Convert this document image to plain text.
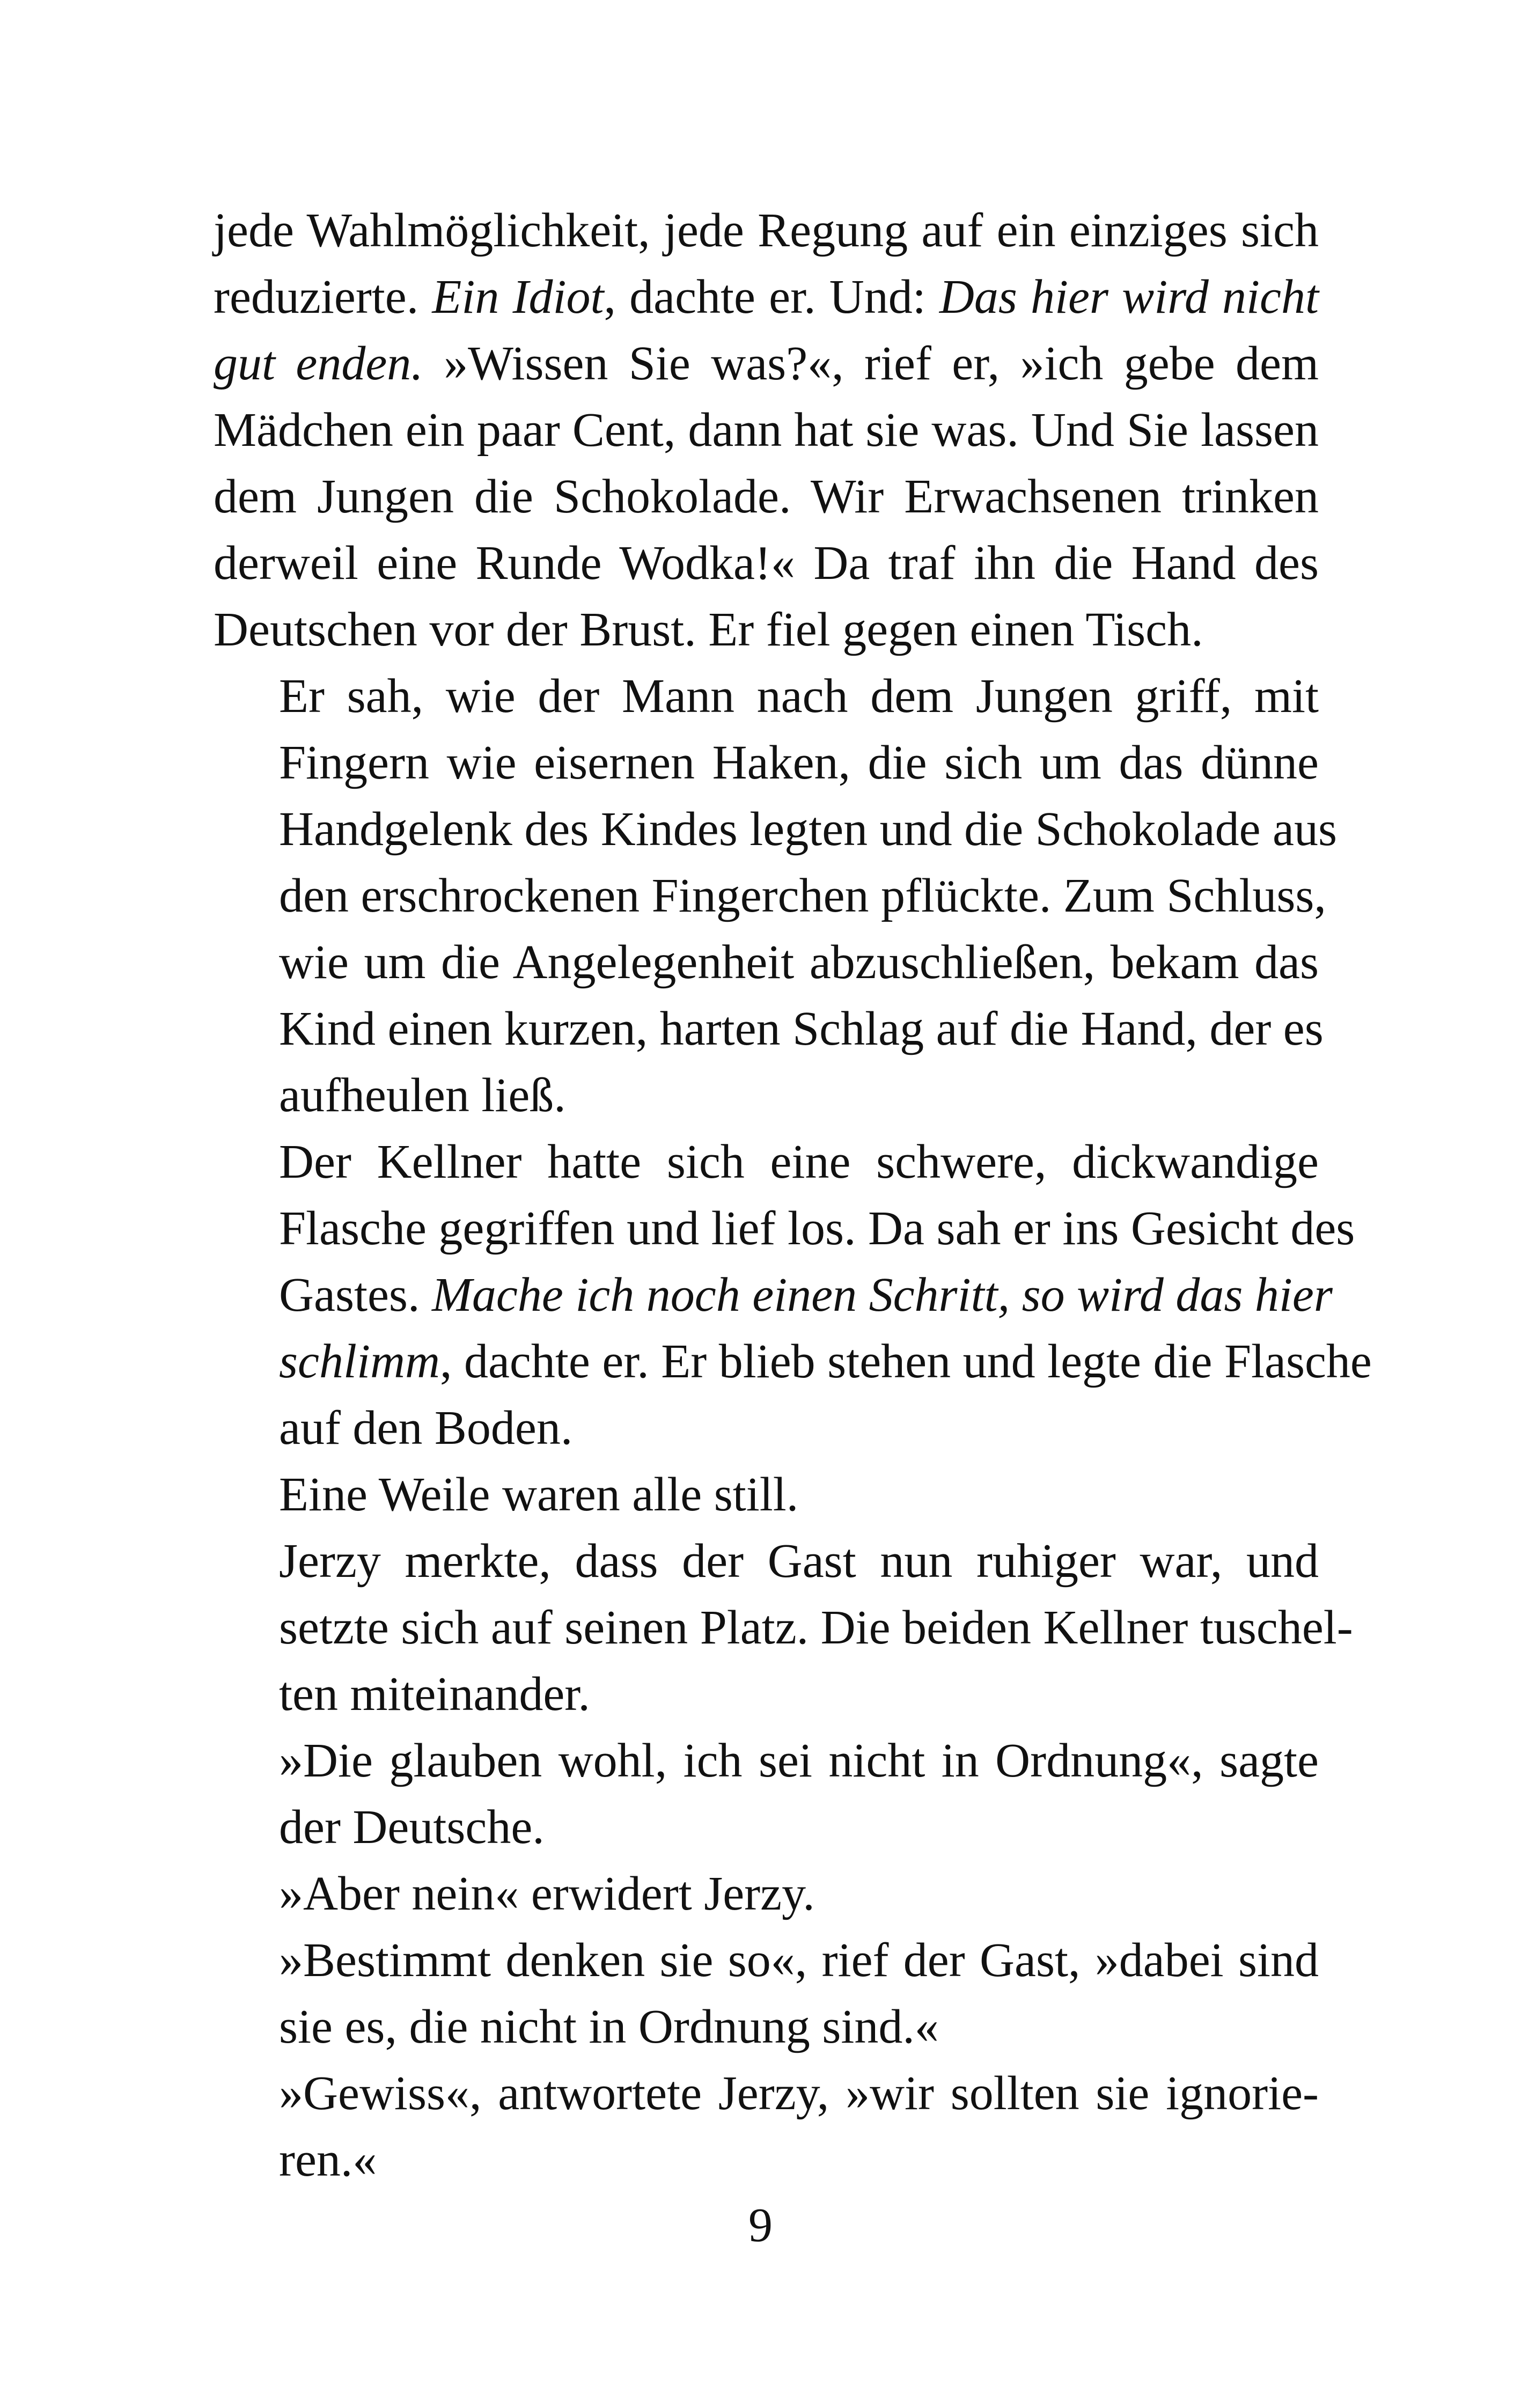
jede Wahlmöglichkeit, jede Regung auf ein einziges sich
reduzierte. Ein Idiot, dachte er. Und: Das hier wird nicht
gut enden. »Wissen Sie was?«, rief er, »ich gebe dem
Mädchen ein paar Cent, dann hat sie was. Und Sie lassen
dem Jungen die Schokolade. Wir Erwachsenen trinken
derweil eine Runde Wodka!« Da traf ihn die Hand des
Deutschen vor der Brust. Er fiel gegen einen Tisch.

Er sah, wie der Mann nach dem Jungen griff, mit
Fingern wie eisernen Haken, die sich um das dünne
Handgelenk des Kindes legten und die Schokolade aus
den erschrockenen Fingerchen pflückte. Zum Schluss,
wie um die Angelegenheit abzuschließen, bekam das
Kind einen kurzen, harten Schlag auf die Hand, der es
aufheulen ließ.

Der Kellner hatte sich eine schwere, dickwandige
Flasche gegriffen und lief los. Da sah er ins Gesicht des
Gastes. Mache ich noch einen Schritt, so wird das hier
schlimm, dachte er. Er blieb stehen und legte die Flasche
auf den Boden.

Eine Weile waren alle still.

Jerzy merkte, dass der Gast nun ruhiger war, und
setzte sich auf seinen Platz. Die beiden Kellner tuschel-
ten miteinander.

»Die glauben wohl, ich sei nicht in Ordnung«, sagte
der Deutsche.

»Aber nein« erwidert Jerzy.

»Bestimmt denken sie so«, rief der Gast, »dabei sind
sie es, die nicht in Ordnung sind.«

»Gewiss«, antwortete Jerzy, »wir sollten sie ignorie-
ren.«

9
